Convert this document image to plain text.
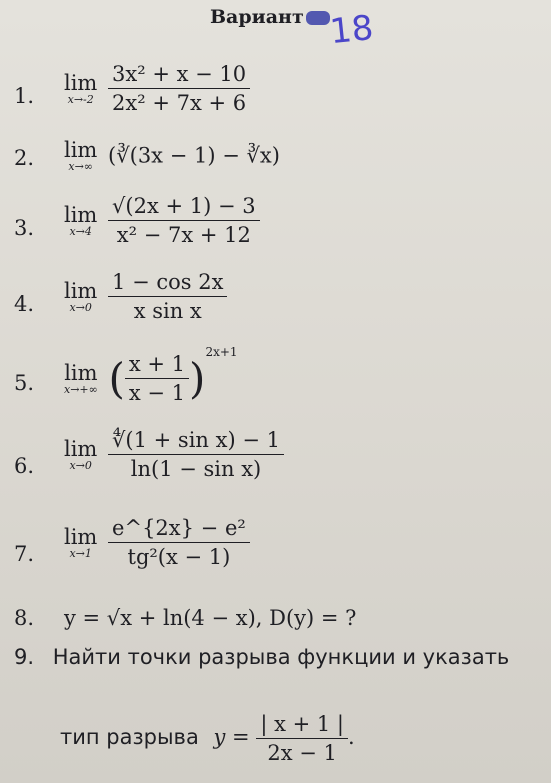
Вариант 18
1.
lim
x→-2
$\frac{\text{3x² + x − 10}}{\text{2x² + 7x + 6}}$
2.	lim
x→∞ (∛(3x − 1) − ∛x)
3.
lim
x→4
$\frac{√(2x + 1) - 3}{\text{x² − 7x + 12}}$
4.
lim
x→0
$\frac{1 - \cos 2x}{\text{x sin x}}$
5.	lim
x→+∞ ( $\frac{x + 1}{x - 1} )^{2x+1}$
6.
lim
x→0
$\frac{\text{∜(1 + sin x) − 1}}{\text{ln(1 − sin x)}}$
7.
lim
x→1
$\frac{\text{e\textasciicircum{}\{2x\} − e²}}{\text{tg²(x − 1)}}$
8.	y = √x + ln(4 − x), D(y) = ?
9. Найти точки разрыва функции и указать
тип разрыва $y = \frac{| x + 1 |}{2x - 1}$ .
